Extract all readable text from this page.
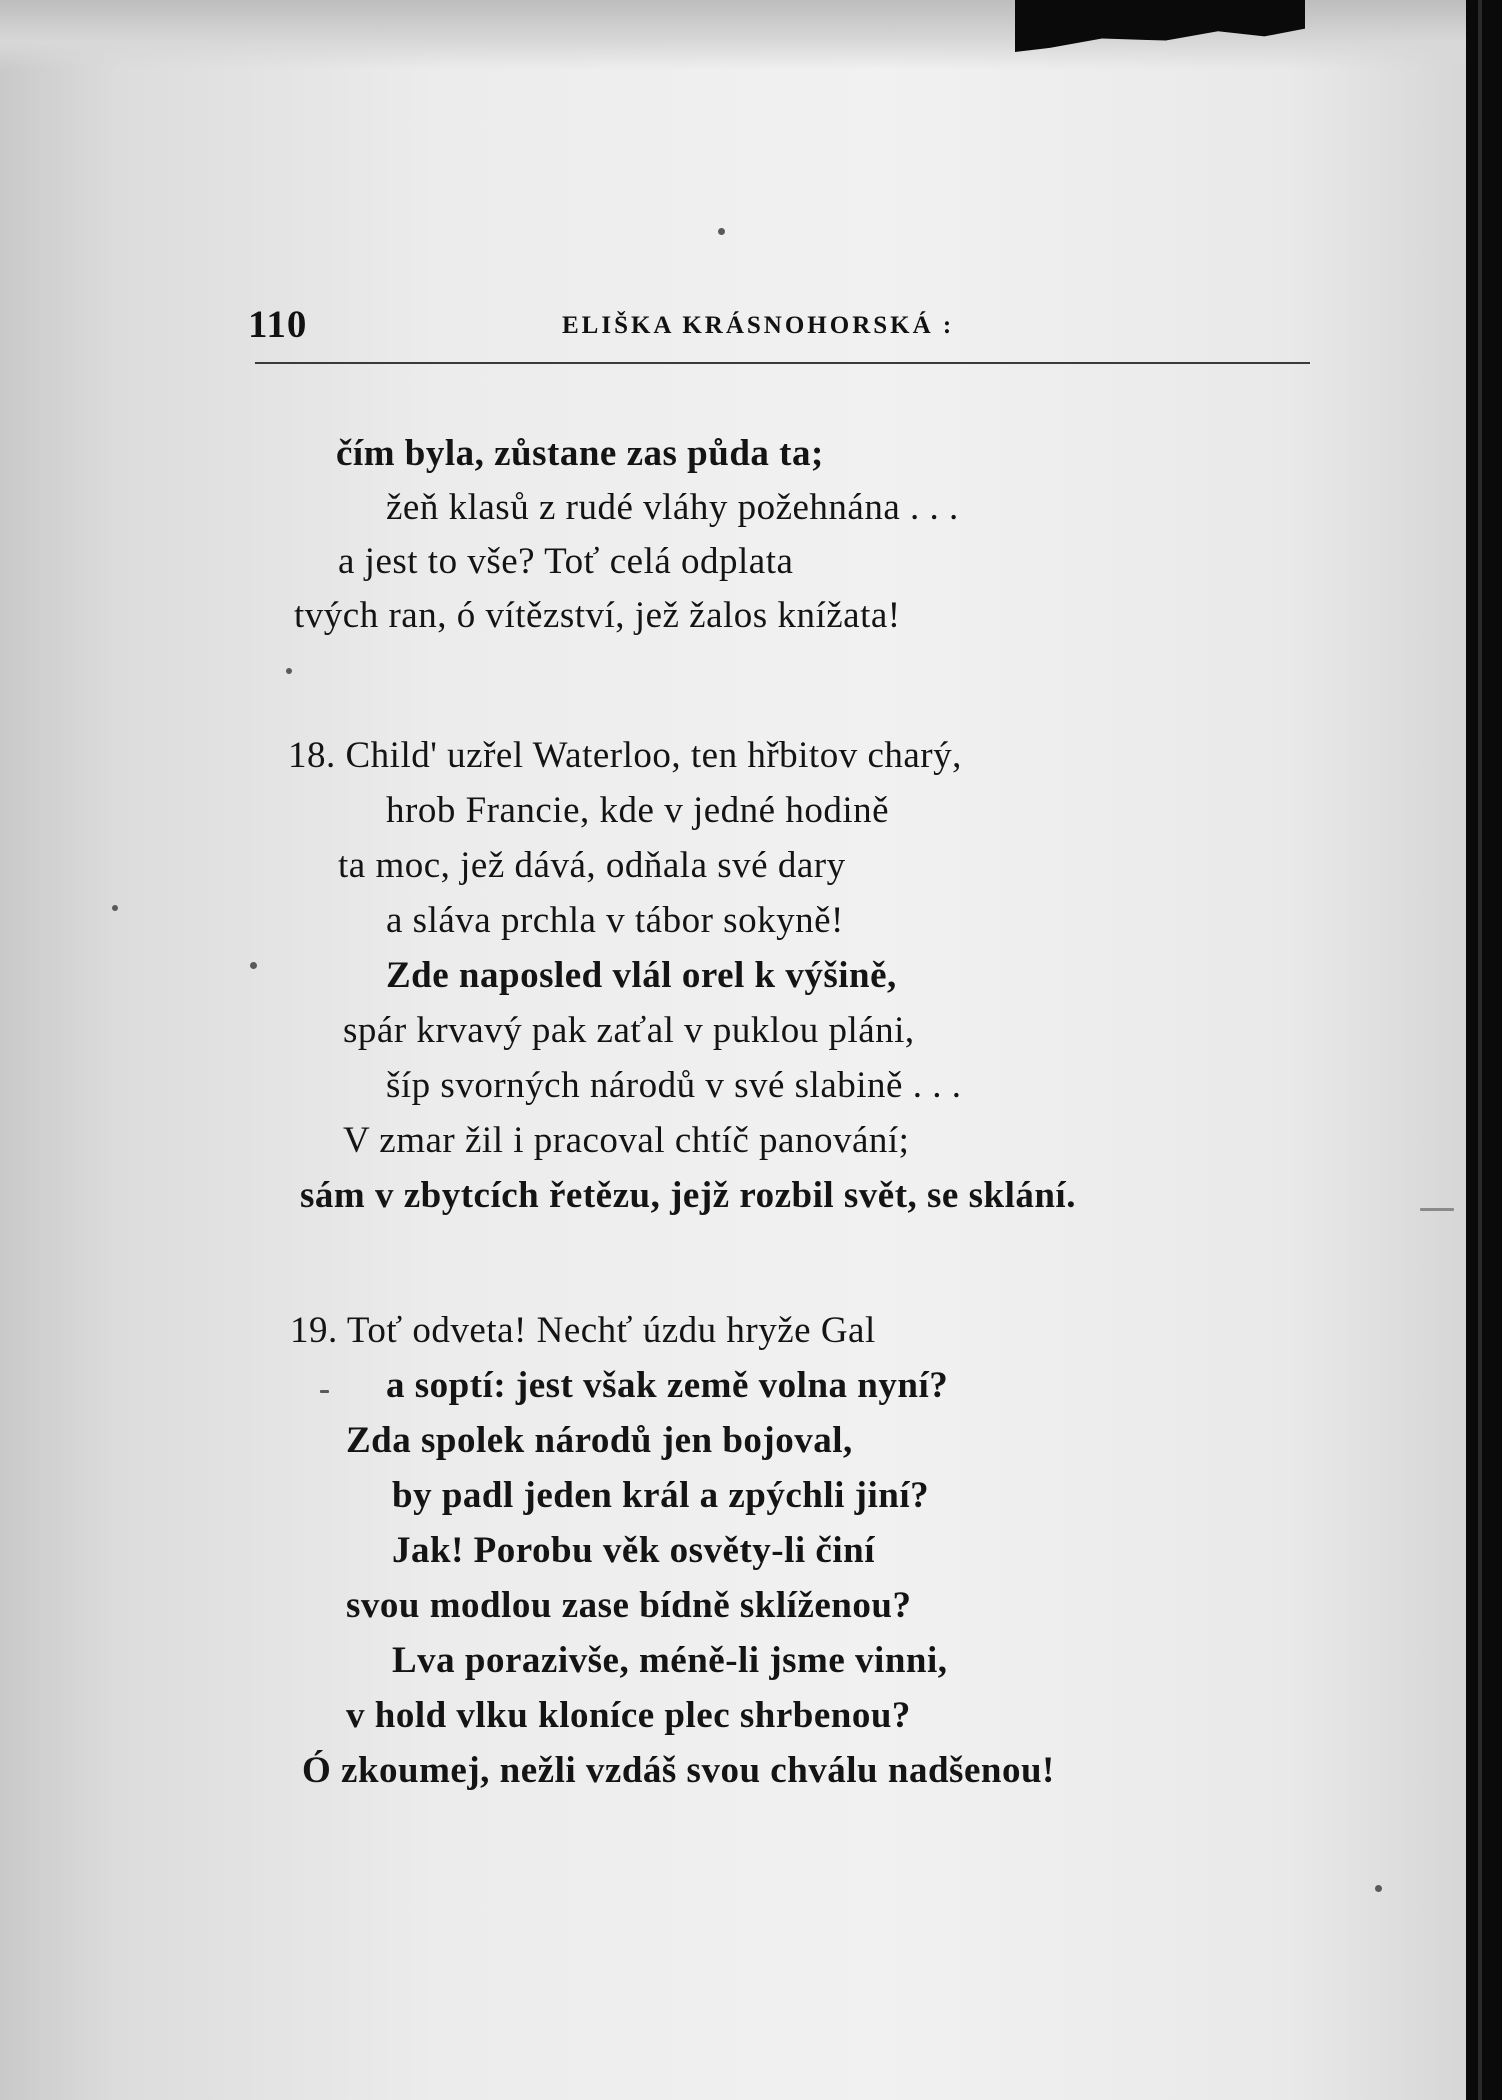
110	ELIŠKA KRÁSNOHORSKÁ :
čím byla, zůstane zas půda ta;
žeň klasů z rudé vláhy požehnána . . .
a jest to vše? Toť celá odplata
tvých ran, ó vítězství, jež žalos knížata!
18. Child' uzřel Waterloo, ten hřbitov charý,
hrob Francie, kde v jedné hodině
ta moc, jež dává, odňala své dary
a sláva prchla v tábor sokyně!
Zde naposled vlál orel k výšině,
spár krvavý pak zaťal v puklou pláni,
šíp svorných národů v své slabině . . .
V zmar žil i pracoval chtíč panování;
sám v zbytcích řetězu, jejž rozbil svět, se sklání.
19. Toť odveta! Nechť úzdu hryže Gal
a soptí: jest však země volna nyní?
Zda spolek národů jen bojoval,
by padl jeden král a zpýchli jiní?
Jak! Porobu věk osvěty-li činí
svou modlou zase bídně sklíženou?
Lva porazivše, méně-li jsme vinni,
v hold vlku kloníce plec shrbenou?
Ó zkoumej, nežli vzdáš svou chválu nadšenou!
